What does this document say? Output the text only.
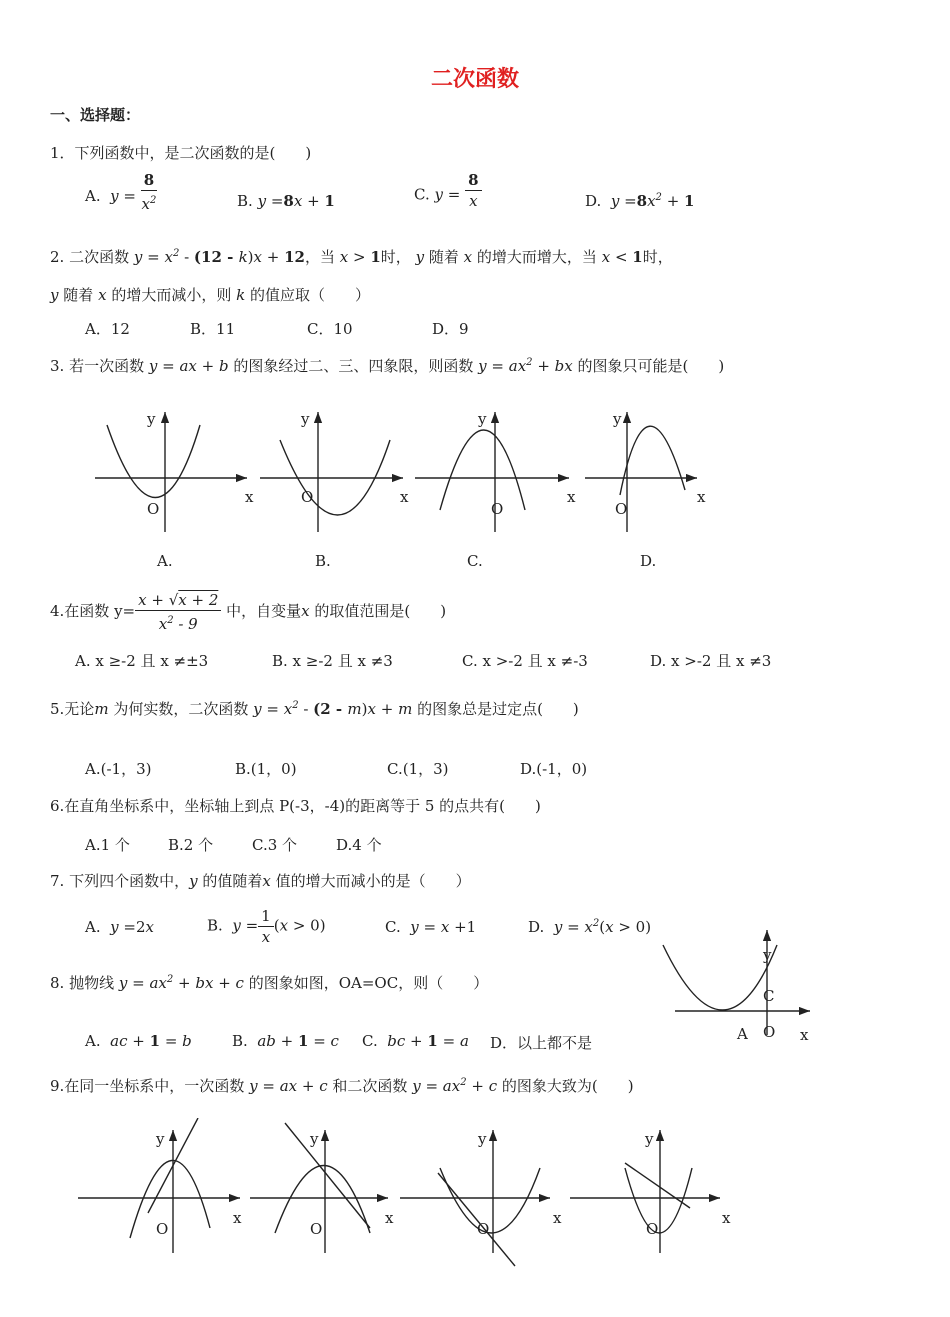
二次函数
一、选择题：
1．下列函数中，是二次函数的是(　　)
A. $y = \frac{8}{x^2}$	B. y =8x + 1	C. $y = \frac{8}{x}$	D. $y =8x^2 + 1$
2. 二次函数 $y = x^2 - (12 - k)x + 12$，当 x > 1时， y 随着 x 的增大而增大，当 x < 1时，
y 随着 x 的增大而减小，则 k 的值应取（　　）
A．12	B．11	C．10	D．9
3. 若一次函数 y = ax + b 的图象经过二、三、四象限，则函数 $y = ax^2$ + bx 的图象只可能是(　　)
y
x
O
y
x
O
y
x
O
y
x
O
A.	B.	C.	D.
4.在函数 $y= \frac{x + √x + 2}{x^2 - 9}$ 中，自变量x 的取值范围是(　　)
A. x ≥-2 且 x ≠±3	B. x ≥-2 且 x ≠3	C. x >-2 且 x ≠-3	D. x >-2 且 x ≠3
5.无论m 为何实数，二次函数 $y = x^2 - (2 - m)x + m$ 的图象总是过定点(　　)
A.(-1，3)	B.(1，0)	C.(1，3)	D.(-1，0)
6.在直角坐标系中，坐标轴上到点 P(-3，-4)的距离等于 5 的点共有(　　)
A.1 个	B.2 个	C.3 个	D.4 个
7. 下列四个函数中，y 的值随着x 值的增大而减小的是（　　）
A. y =2x	B. $y = \frac{1}{x} (x > 0)$	C. y = x +1	D. $y = x^2(x > 0)$
y
x
C
A O
8. 抛物线 $y = ax^2$ + bx + c 的图象如图，OA=OC，则（　　）
A. ac + 1 = b	B. ab + 1 = c C. bc + 1 = a D．以上都不是
9.在同一坐标系中，一次函数 y = ax + c 和二次函数 $y = ax^2 + c$ 的图象大致为(　　)
y
x
O
y
x
O
y
x
O
y
x
O
